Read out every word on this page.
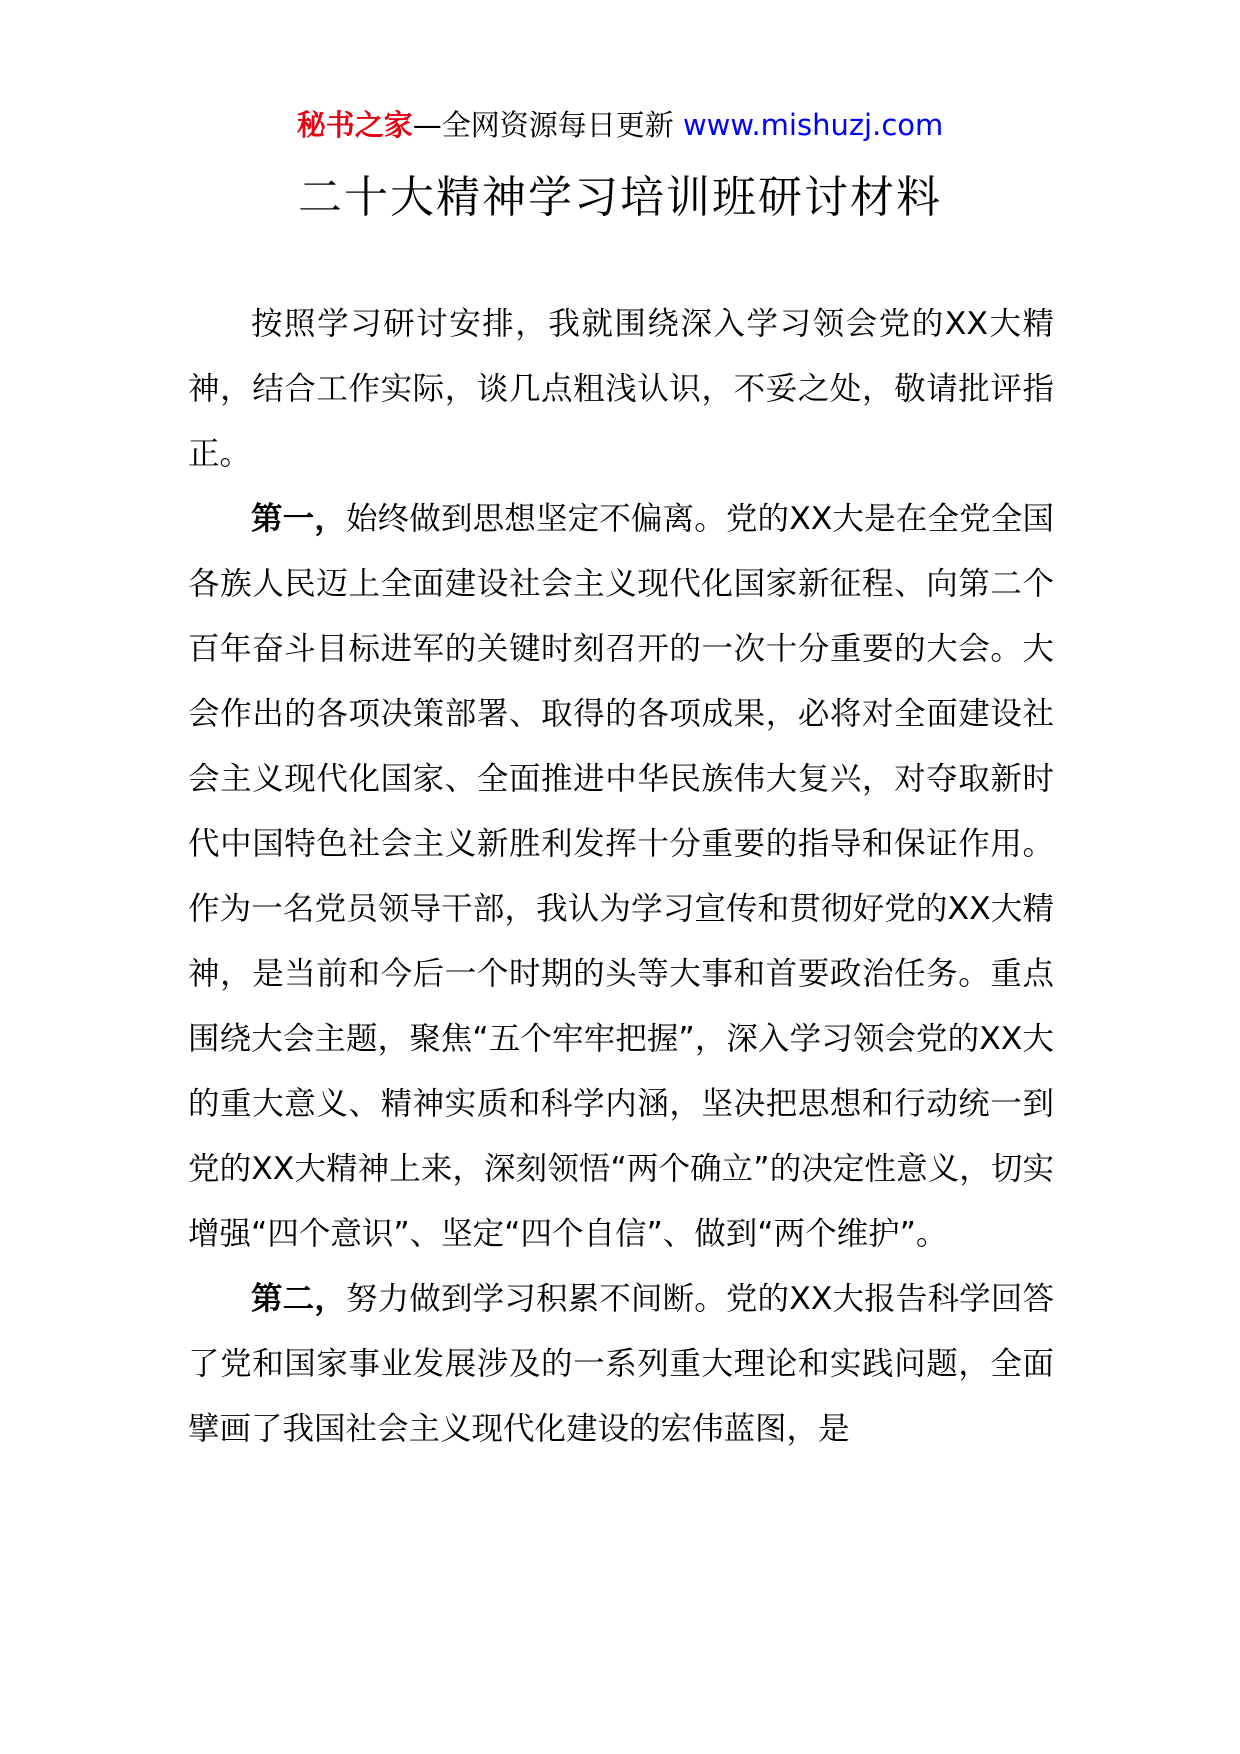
秘书之家—全网资源每日更新 www.mishuzj.com
二十大精神学习培训班研讨材料

按照学习研讨安排，我就围绕深入学习领会党的XX大精神，结合工作实际，谈几点粗浅认识，不妥之处，敬请批评指正。

第一，始终做到思想坚定不偏离。党的XX大是在全党全国各族人民迈上全面建设社会主义现代化国家新征程、向第二个百年奋斗目标进军的关键时刻召开的一次十分重要的大会。大会作出的各项决策部署、取得的各项成果，必将对全面建设社会主义现代化国家、全面推进中华民族伟大复兴，对夺取新时代中国特色社会主义新胜利发挥十分重要的指导和保证作用。作为一名党员领导干部，我认为学习宣传和贯彻好党的XX大精神，是当前和今后一个时期的头等大事和首要政治任务。重点围绕大会主题，聚焦“五个牢牢把握”，深入学习领会党的XX大的重大意义、精神实质和科学内涵，坚决把思想和行动统一到党的XX大精神上来，深刻领悟“两个确立”的决定性意义，切实增强“四个意识”、坚定“四个自信”、做到“两个维护”。

第二，努力做到学习积累不间断。党的XX大报告科学回答了党和国家事业发展涉及的一系列重大理论和实践问题，全面擘画了我国社会主义现代化建设的宏伟蓝图，是
